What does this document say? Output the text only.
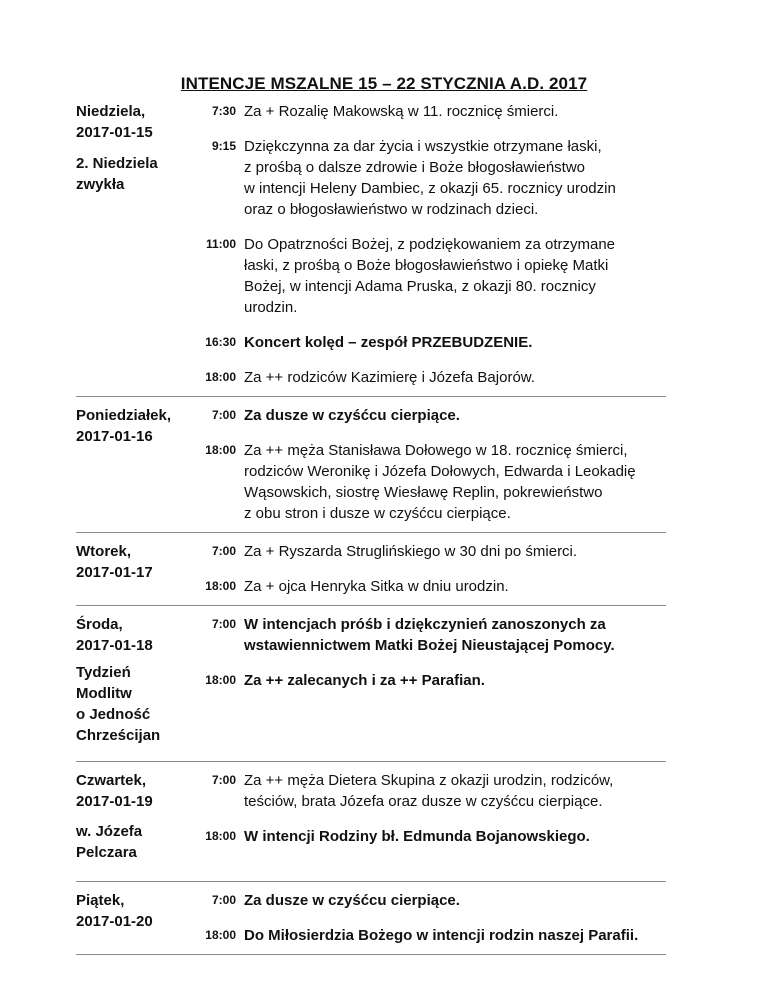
INTENCJE MSZALNE 15 – 22 STYCZNIA A.D. 2017
Niedziela,
2017-01-15
2. Niedziela
zwykła
7:30 Za + Rozalię Makowską w 11. rocznicę śmierci.
9:15 Dziękczynna za dar życia i wszystkie otrzymane łaski,
z prośbą o dalsze zdrowie i Boże błogosławieństwo
w intencji Heleny Dambiec, z okazji 65. rocznicy urodzin
oraz o błogosławieństwo w rodzinach dzieci.
11:00 Do Opatrzności Bożej, z podziękowaniem za otrzymane
łaski, z prośbą o Boże błogosławieństwo i opiekę Matki
Bożej, w intencji Adama Pruska, z okazji 80. rocznicy
urodzin.
16:30 Koncert kolęd – zespół PRZEBUDZENIE.
18:00 Za ++ rodziców Kazimierę i Józefa Bajorów.
Poniedziałek,
2017-01-16
7:00 Za dusze w czyśćcu cierpiące.
18:00 Za ++ męża Stanisława Dołowego w 18. rocznicę śmierci,
rodziców Weronikę i Józefa Dołowych, Edwarda i Leokadię
Wąsowskich, siostrę Wiesławę Replin, pokrewieństwo
z obu stron i dusze w czyśćcu cierpiące.
Wtorek,
2017-01-17
7:00 Za + Ryszarda Struglińskiego w 30 dni po śmierci.
18:00 Za + ojca Henryka Sitka w dniu urodzin.
Środa,
2017-01-18
Tydzień
Modlitw
o Jedność
Chrześcijan
7:00 W intencjach próśb i dziękczynień zanoszonych za
wstawiennictwem Matki Bożej Nieustającej Pomocy.
18:00 Za ++ zalecanych i za ++ Parafian.
Czwartek,
2017-01-19
w. Józefa
Pelczara
7:00 Za ++ męża Dietera Skupina z okazji urodzin, rodziców,
teściów, brata Józefa oraz dusze w czyśćcu cierpiące.
18:00 W intencji Rodziny bł. Edmunda Bojanowskiego.
Piątek,
2017-01-20
7:00 Za dusze w czyśćcu cierpiące.
18:00 Do Miłosierdzia Bożego w intencji rodzin naszej Parafii.
